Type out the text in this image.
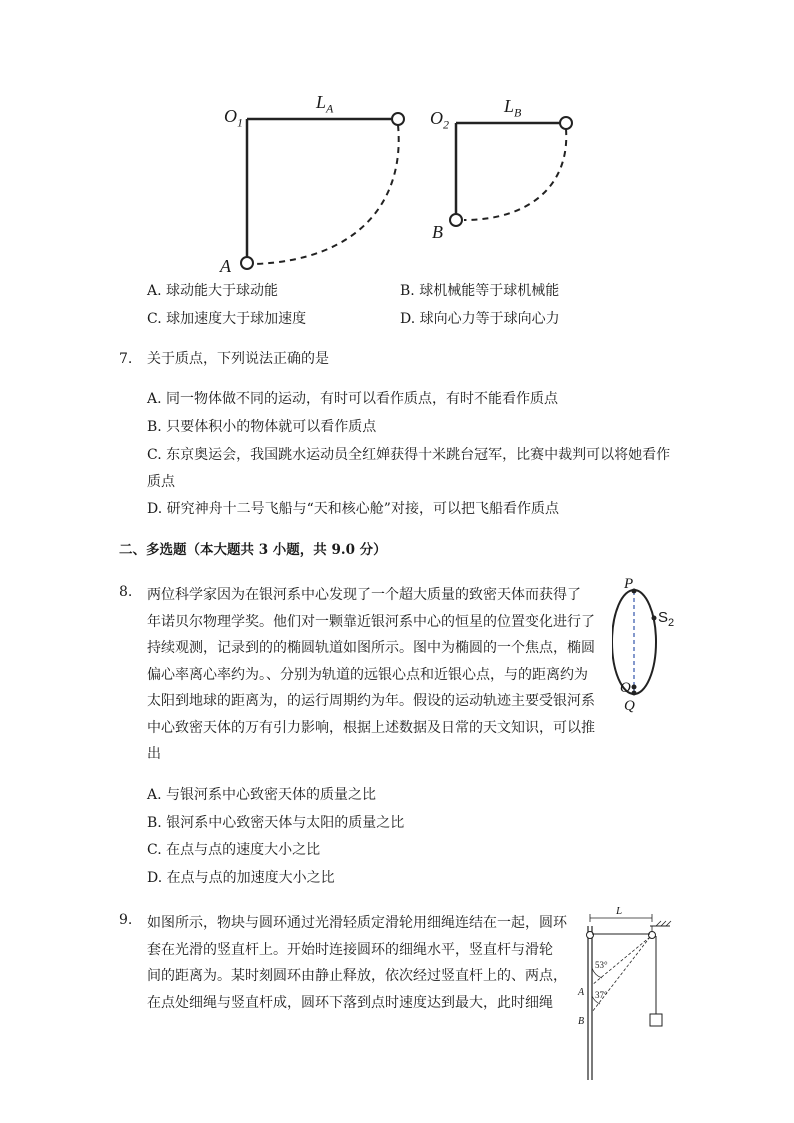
$O_1$
$L_A$
A
$O_2$
$L_B$
B
A. 球动能大于球动能	B. 球机械能等于球机械能
C. 球加速度大于球加速度	D. 球向心力等于球向心力
7. 关于质点，下列说法正确的是
A. 同一物体做不同的运动，有时可以看作质点，有时不能看作质点
B. 只要体积小的物体就可以看作质点
C. 东京奥运会，我国跳水运动员全红婵获得十米跳台冠军，比赛中裁判可以将她看作
质点
D. 研究神舟十二号飞船与“天和核心舱”对接，可以把飞船看作质点
二、多选题（本大题共 3 小题，共 9.0 分）
8. 两位科学家因为在银河系中心发现了一个超大质量的致密天体而获得了
年诺贝尔物理学奖。他们对一颗靠近银河系中心的恒星的位置变化进行了
持续观测，记录到的的椭圆轨道如图所示。图中为椭圆的一个焦点，椭圆
偏心率离心率约为。、分别为轨道的远银心点和近银心点，与的距离约为
太阳到地球的距离为，的运行周期约为年。假设的运动轨迹主要受银河系
中心致密天体的万有引力影响，根据上述数据及日常的天文知识，可以推
出
P
$S_2$
O
Q
A. 与银河系中心致密天体的质量之比
B. 银河系中心致密天体与太阳的质量之比
C. 在点与点的速度大小之比
D. 在点与点的加速度大小之比
9. 如图所示，物块与圆环通过光滑轻质定滑轮用细绳连结在一起，圆环
套在光滑的竖直杆上。开始时连接圆环的细绳水平，竖直杆与滑轮
间的距离为。某时刻圆环由静止释放，依次经过竖直杆上的、两点，
在点处细绳与竖直杆成，圆环下落到点时速度达到最大，此时细绳
L
53°
37°
A
B
